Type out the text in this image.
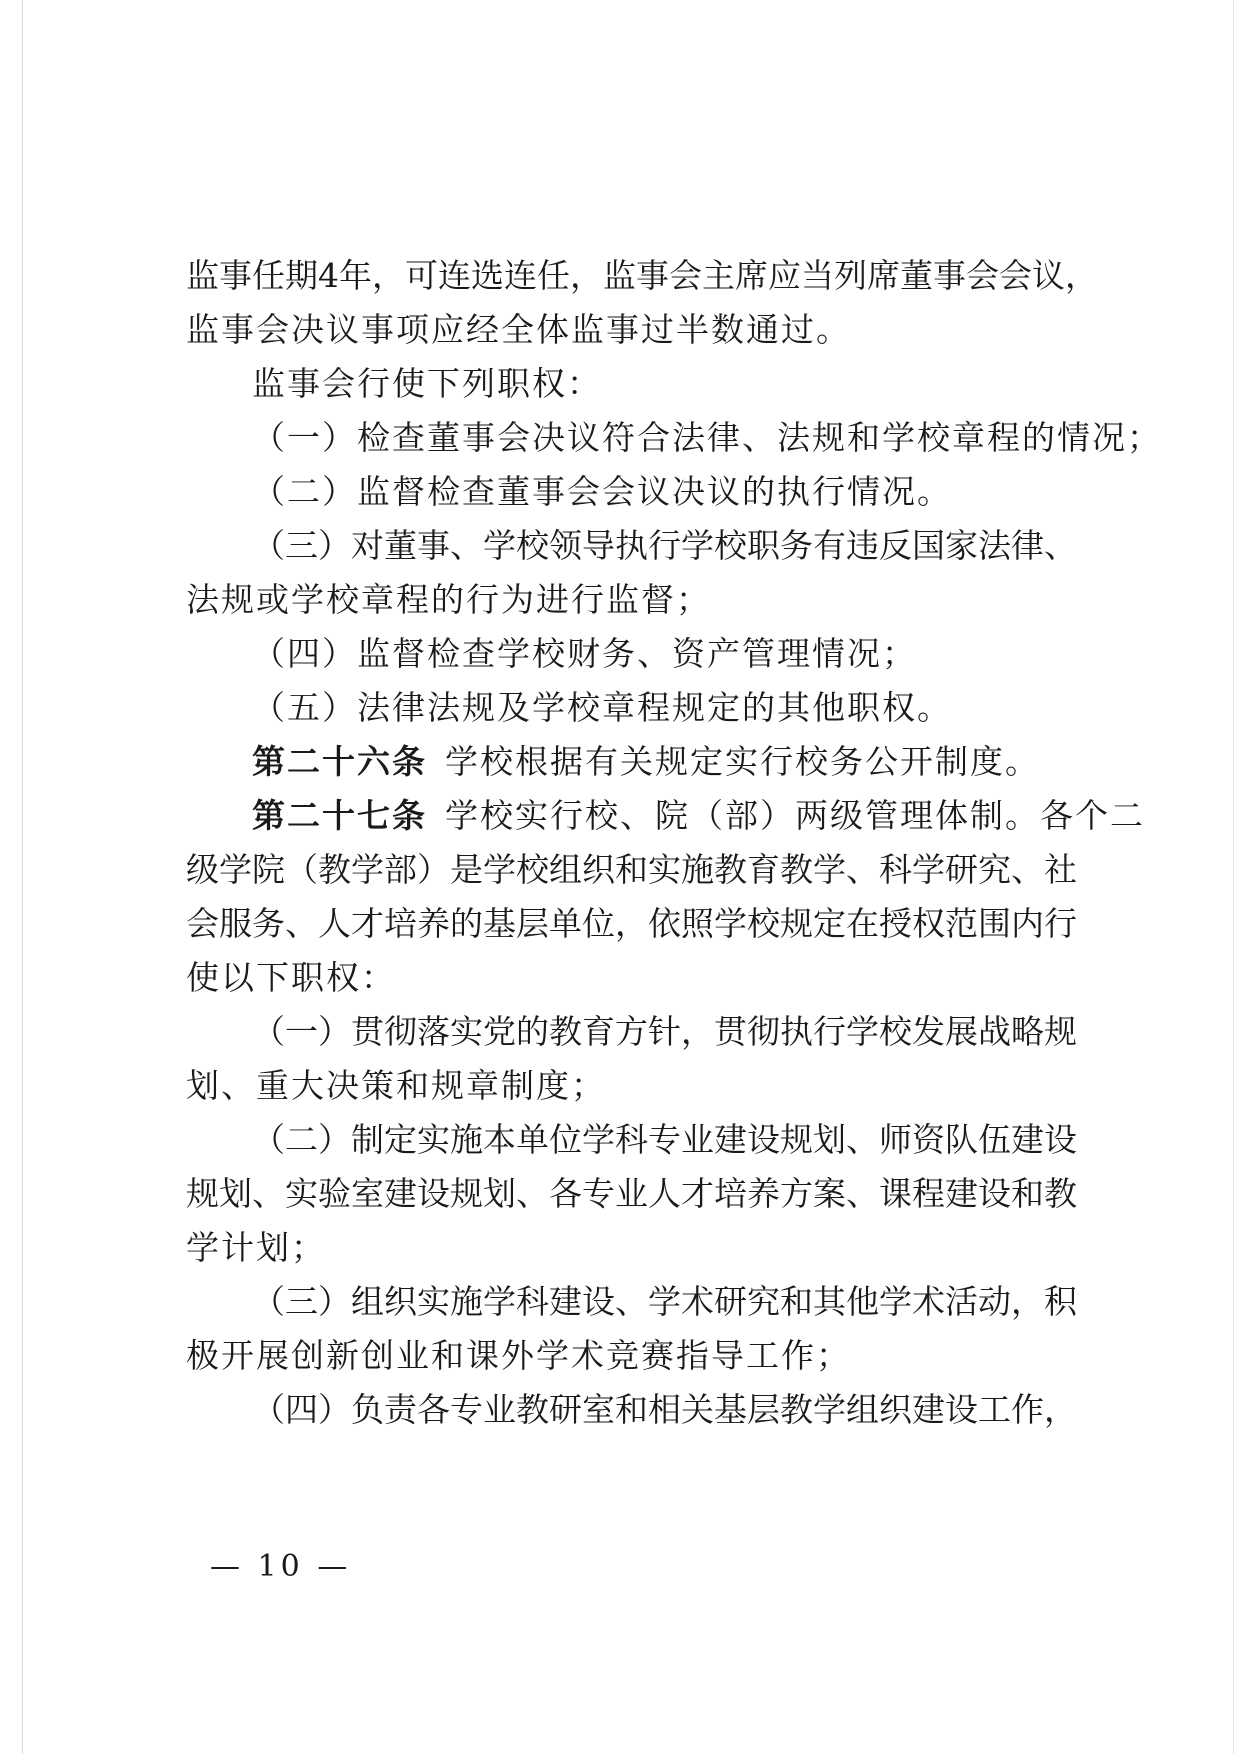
监事任期4年，可连选连任，监事会主席应当列席董事会会议，
监事会决议事项应经全体监事过半数通过。
监事会行使下列职权：
（一）检查董事会决议符合法律、法规和学校章程的情况；
（二）监督检查董事会会议决议的执行情况。
（三）对董事、学校领导执行学校职务有违反国家法律、
法规或学校章程的行为进行监督；
（四）监督检查学校财务、资产管理情况；
（五）法律法规及学校章程规定的其他职权。
第二十六条 学校根据有关规定实行校务公开制度。
第二十七条 学校实行校、院（部）两级管理体制。各个二
级学院（教学部）是学校组织和实施教育教学、科学研究、社
会服务、人才培养的基层单位，依照学校规定在授权范围内行
使以下职权：
（一）贯彻落实党的教育方针，贯彻执行学校发展战略规
划、重大决策和规章制度；
（二）制定实施本单位学科专业建设规划、师资队伍建设
规划、实验室建设规划、各专业人才培养方案、课程建设和教
学计划；
（三）组织实施学科建设、学术研究和其他学术活动，积
极开展创新创业和课外学术竞赛指导工作；
（四）负责各专业教研室和相关基层教学组织建设工作，
— 10 —
